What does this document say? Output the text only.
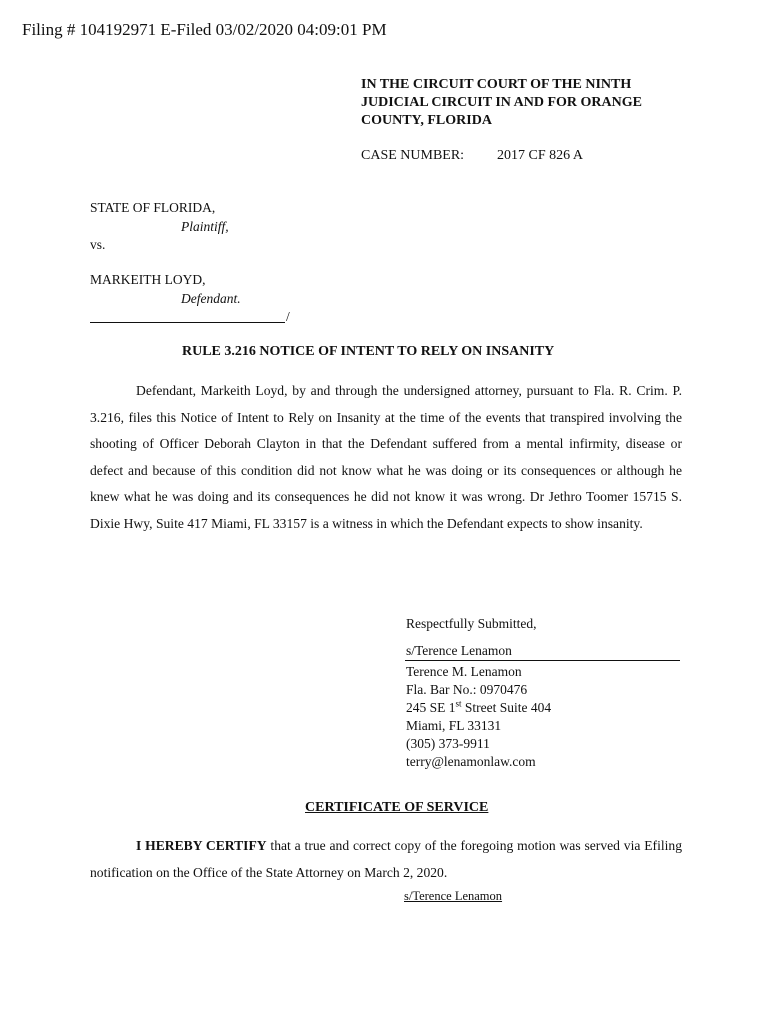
Filing # 104192971 E-Filed 03/02/2020 04:09:01 PM
IN THE CIRCUIT COURT OF THE NINTH
JUDICIAL CIRCUIT IN AND FOR ORANGE
COUNTY, FLORIDA
CASE NUMBER: 2017 CF 826 A
STATE OF FLORIDA,
Plaintiff,
vs.
MARKEITH LOYD,
Defendant.
/
RULE 3.216 NOTICE OF INTENT TO RELY ON INSANITY
Defendant, Markeith Loyd, by and through the undersigned attorney, pursuant to Fla. R. Crim. P. 3.216, files this Notice of Intent to Rely on Insanity at the time of the events that transpired involving the shooting of Officer Deborah Clayton in that the Defendant suffered from a mental infirmity, disease or defect and because of this condition did not know what he was doing or its consequences or although he knew what he was doing and its consequences he did not know it was wrong. Dr Jethro Toomer 15715 S. Dixie Hwy, Suite 417 Miami, FL 33157 is a witness in which the Defendant expects to show insanity.
Respectfully Submitted,
s/Terence Lenamon
Terence M. Lenamon
Fla. Bar No.: 0970476
245 SE 1st Street Suite 404
Miami, FL 33131
(305) 373-9911
terry@lenamonlaw.com
CERTIFICATE OF SERVICE
I HEREBY CERTIFY that a true and correct copy of the foregoing motion was served via Efiling notification on the Office of the State Attorney on March 2, 2020.
s/Terence Lenamon
